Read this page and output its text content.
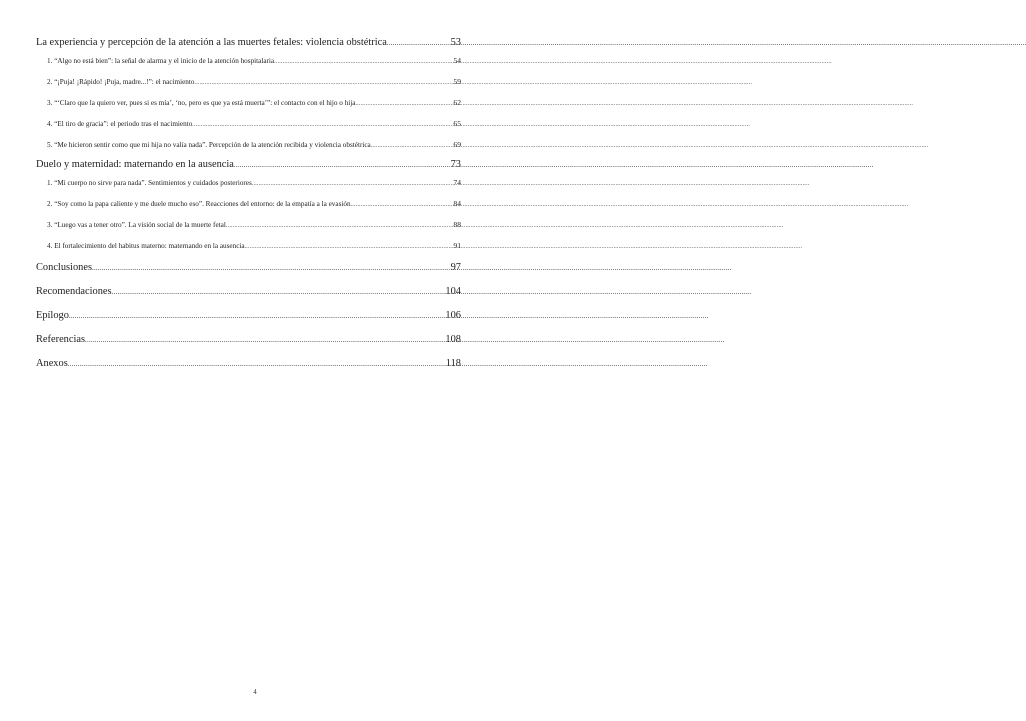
La experiencia y percepción de la atención a las muertes fetales: violencia obstétrica .....	53
1. “Algo no está bien”: la señal de alarma y el inicio de la atención hospitalaria .....	54
2. “¡Puja! ¡Rápido! ¡Puja, madre...!”: el nacimiento .....	59
3. “‘Claro que la quiero ver, pues si es mía’, ‘no, pero es que ya está muerta’”: el contacto con el hijo o hija .....	62
4. “El tiro de gracia”: el periodo tras el nacimiento .....	65
5. “Me hicieron sentir como que mi hija no valía nada”. Percepción de la atención recibida y violencia obstétrica .....	69
Duelo y maternidad: maternando en la ausencia .....	73
1. “Mi cuerpo no sirve para nada”. Sentimientos y cuidados posteriores .....	74
2. “Soy como la papa caliente y me duele mucho eso”. Reacciones del entorno: de la empatía a la evasión .....	84
3. “Luego vas a tener otro”. La visión social de la muerte fetal .....	88
4. El fortalecimiento del habitus materno: maternando en la ausencia .....	91
Conclusiones .....	97
Recomendaciones .....	104
Epílogo .....	106
Referencias .....	108
Anexos .....	118
4
